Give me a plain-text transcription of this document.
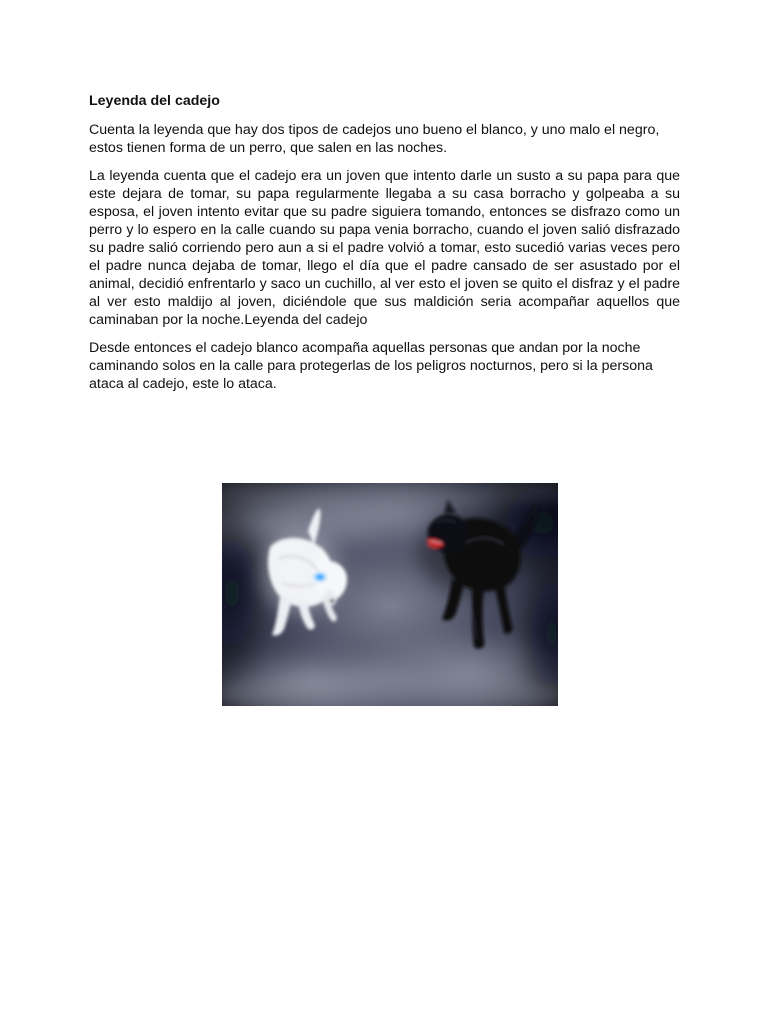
Leyenda del cadejo

Cuenta la leyenda que hay dos tipos de cadejos uno bueno el blanco, y uno malo el negro, estos tienen forma de un perro, que salen en las noches.

La leyenda cuenta que el cadejo era un joven que intento darle un susto a su papa para que este dejara de tomar, su papa regularmente llegaba a su casa borracho y golpeaba a su esposa, el joven intento evitar que su padre siguiera tomando, entonces se disfrazo como un perro y lo espero en la calle cuando su papa venia borracho, cuando el joven salió disfrazado su padre salió corriendo pero aun a si el padre volvió a tomar, esto sucedió varias veces pero el padre nunca dejaba de tomar, llego el día que el padre cansado de ser asustado por el animal, decidió enfrentarlo y saco un cuchillo, al ver esto el joven se quito el disfraz y el padre al ver esto maldijo al joven, diciéndole que sus maldición seria acompañar aquellos que caminaban por la noche.Leyenda del cadejo

Desde entonces el cadejo blanco acompaña aquellas personas que andan por la noche caminando solos en la calle para protegerlas de los peligros nocturnos, pero si la persona ataca al cadejo, este lo ataca.
